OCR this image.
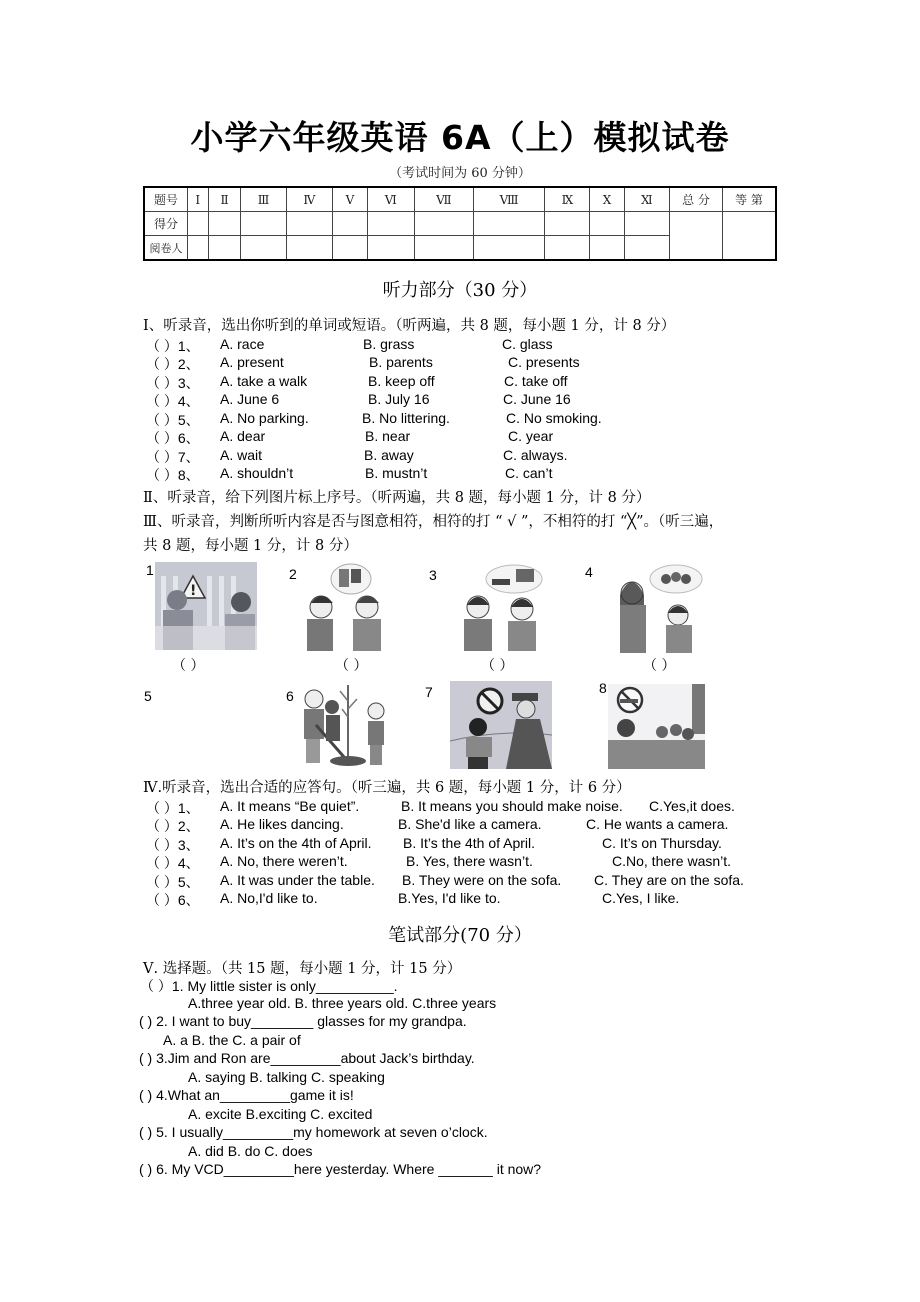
小学六年级英语 6A（上）模拟试卷
（考试时间为 60 分钟）
题号	Ⅰ	Ⅱ	Ⅲ	Ⅳ	Ⅴ	Ⅵ	Ⅶ	Ⅷ	Ⅸ	Ⅹ	Ⅺ	总 分	等 第
得分													
阅卷人													
听力部分（30 分）
Ⅰ、听录音，选出你听到的单词或短语。（听两遍，共 8 题，每小题 1 分，计 8 分）
（ ）1、 A. race	B. grass	C. glass
（ ）2、 A. present	B. parents	C. presents
（ ）3、 A. take a walk	B. keep off	C. take off
（ ）4、 A. June 6	B. July 16	C. June 16
（ ）5、 A. No parking.	B. No littering.	C. No smoking.
（ ）6、 A. dear	B. near	C. year
（ ）7、 A. wait	B. away	C. always.
（ ）8、 A. shouldn’t	B. mustn’t	C. can’t
Ⅱ、听录音，给下列图片标上序号。（听两遍，共 8 题，每小题 1 分，计 8 分）
Ⅲ、听录音，判断所听内容是否与图意相符，相符的打 “ √ ”，不相符的打 “╳”。（听三遍，
共 8 题，每小题 1 分，计 8 分）
1
!
（ ）
2
（ ）
3
（ ）
4
（ ）
5	6	7	8
Ⅳ.听录音，选出合适的应答句。（听三遍，共 6 题，每小题 1 分，计 6 分）
（ ）1、 A. It means “Be quiet”.	B. It means you should make noise. C.Yes,it does.
（ ）2、 A. He likes dancing.	B. She'd like a camera.	C. He wants a camera.
（ ）3、 A. It’s on the 4th of April. B. It’s the 4th of April.	C. It’s on Thursday.
（ ）4、 A. No, there weren’t.	B. Yes, there wasn’t.	C.No, there wasn’t.
（ ）5、 A. It was under the table. B. They were on the sofa. C. They are on the sofa.
（ ）6、 A. No,I'd like to.	B.Yes, I'd like to.	C.Yes, I like.
笔试部分(70 分）
Ⅴ. 选择题。（共 15 题，每小题 1 分，计 15 分）
（ ）1. My little sister is only__________.
A.three year old. B. three years old. C.three years
( ) 2. I want to buy________ glasses for my grandpa.
A. a B. the C. a pair of
( ) 3.Jim and Ron are_________about Jack’s birthday.
A. saying B. talking C. speaking
( ) 4.What an_________game it is!
A. excite B.exciting C. excited
( ) 5. I usually_________my homework at seven o’clock.
A. did B. do C. does
( ) 6. My VCD_________here yesterday. Where _______ it now?
